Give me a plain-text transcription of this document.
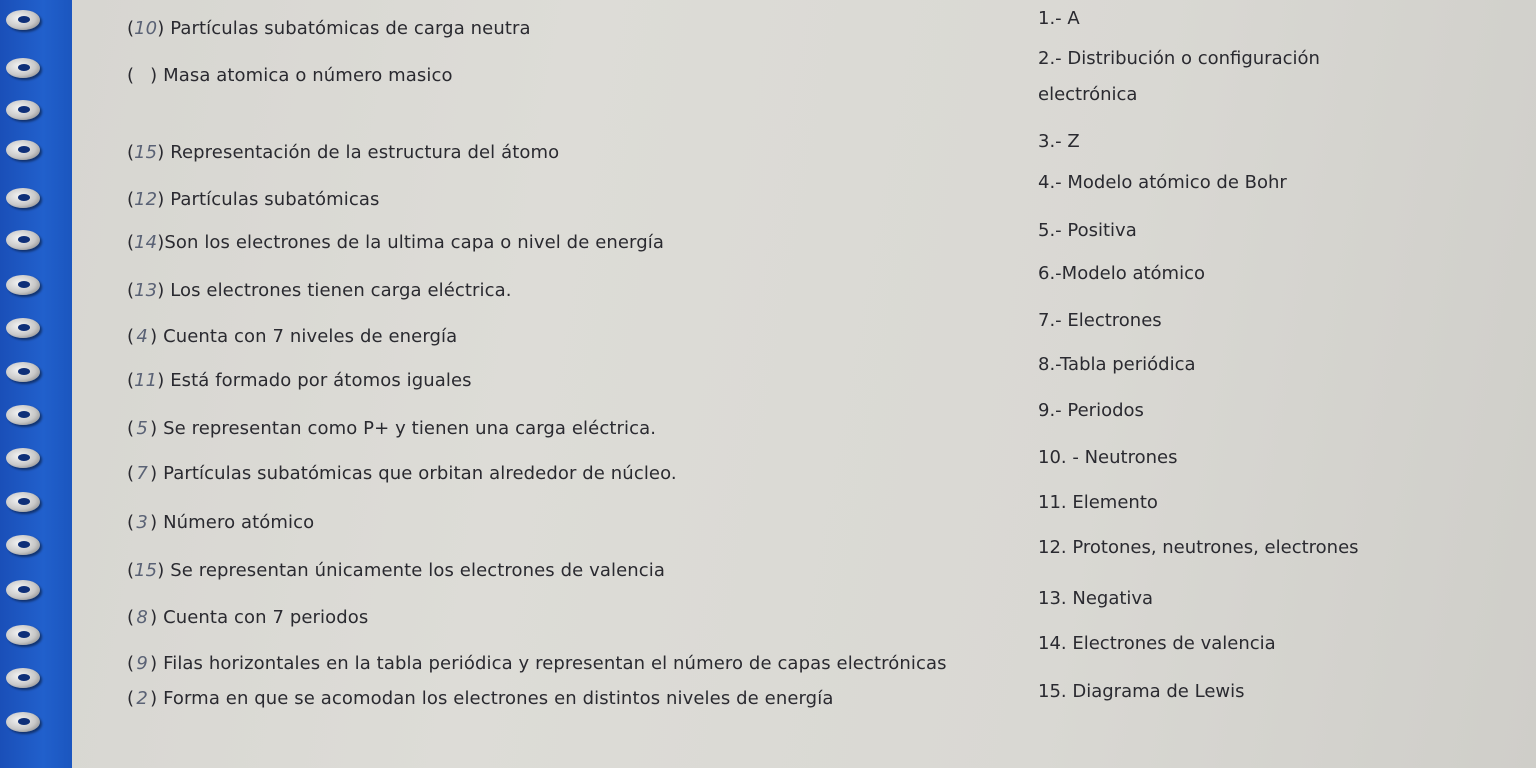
(10) Partículas subatómicas de carga neutra
( ) Masa atomica o número masico
(15) Representación de la estructura del átomo
(12) Partículas subatómicas
(14)Son los electrones de la ultima capa o nivel de energía
(13) Los electrones tienen carga eléctrica.
( 4 ) Cuenta con 7 niveles de energía
(11) Está formado por átomos iguales
( 5 ) Se representan como P+ y tienen una carga eléctrica.
( 7 ) Partículas subatómicas que orbitan alrededor de núcleo.
( 3 ) Número atómico
(15) Se representan únicamente los electrones de valencia
( 8 ) Cuenta con 7 periodos
( 9 ) Filas horizontales en la tabla periódica y representan el número de capas electrónicas
( 2 ) Forma en que se acomodan los electrones en distintos niveles de energía
1.- A
2.- Distribución o configuración
electrónica
3.- Z
4.- Modelo atómico de Bohr
5.- Positiva
6.-Modelo atómico
7.- Electrones
8.-Tabla periódica
9.- Periodos
10. - Neutrones
11. Elemento
12. Protones, neutrones, electrones
13. Negativa
14. Electrones de valencia
15. Diagrama de Lewis
